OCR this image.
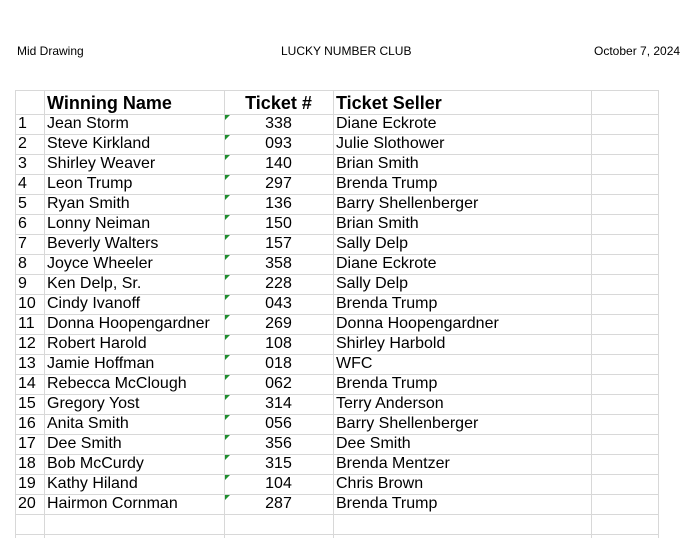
Mid Drawing	LUCKY NUMBER CLUB	October 7, 2024
Winning Name	Ticket #	Ticket Seller
1 Jean Storm	338	Diane Eckrote
2 Steve Kirkland	093	Julie Slothower
3 Shirley Weaver	140	Brian Smith
4 Leon Trump	297	Brenda Trump
5 Ryan Smith	136	Barry Shellenberger
6 Lonny Neiman	150	Brian Smith
7 Beverly Walters	157	Sally Delp
8 Joyce Wheeler	358	Diane Eckrote
9 Ken Delp, Sr.	228	Sally Delp
10 Cindy Ivanoff	043	Brenda Trump
11 Donna Hoopengardner	269	Donna Hoopengardner
12 Robert Harold	108	Shirley Harbold
13 Jamie Hoffman	018	WFC
14 Rebecca McClough	062	Brenda Trump
15 Gregory Yost	314	Terry Anderson
16 Anita Smith	056	Barry Shellenberger
17 Dee Smith	356	Dee Smith
18 Bob McCurdy	315	Brenda Mentzer
19 Kathy Hiland	104	Chris Brown
20 Hairmon Cornman	287	Brenda Trump
